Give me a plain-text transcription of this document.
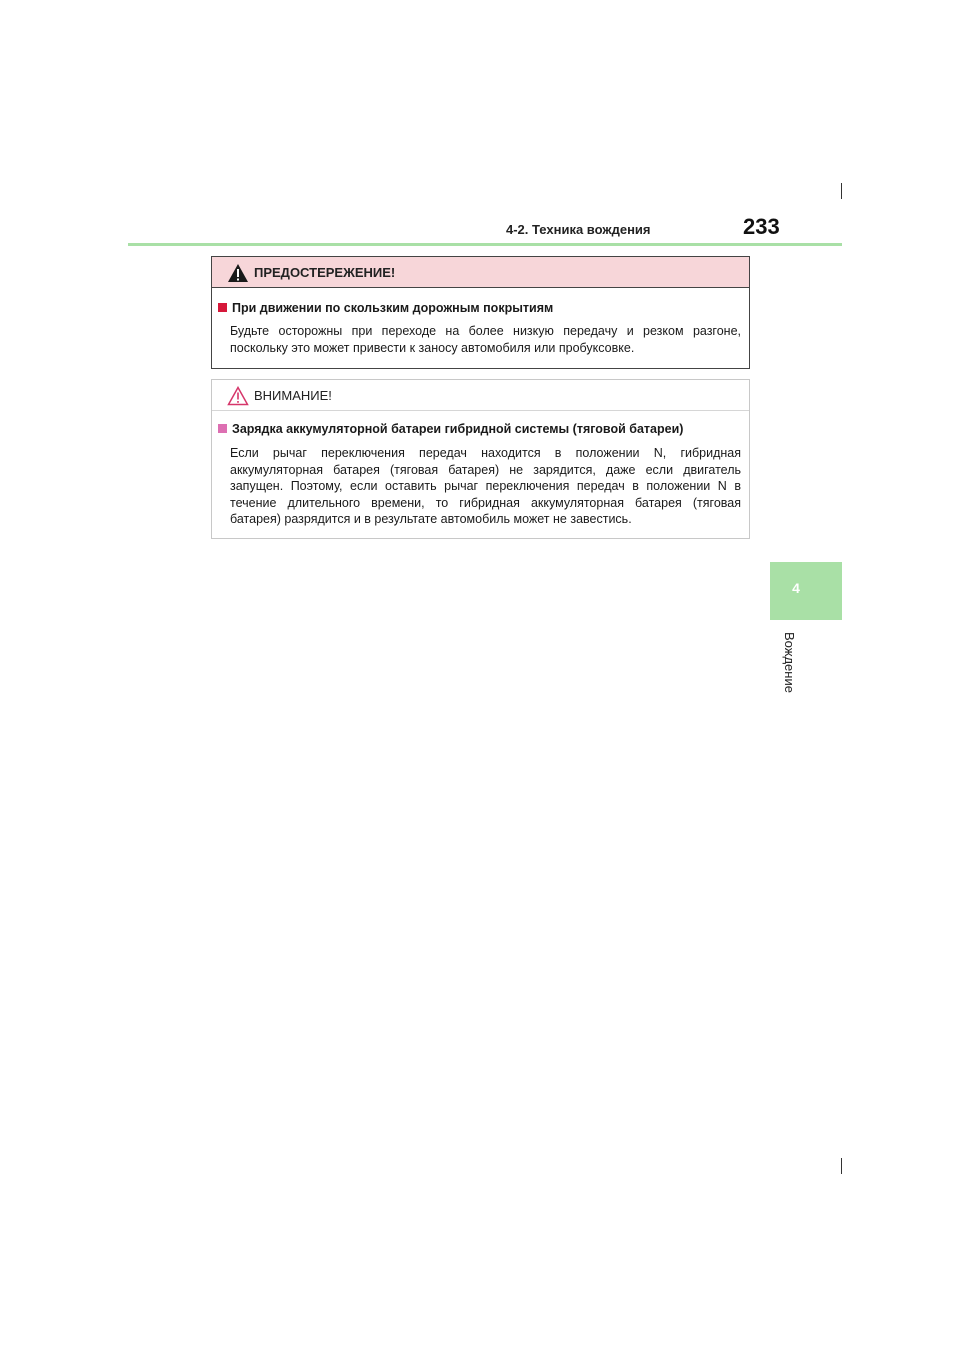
4-2. Техника вождения	233
4
Вождение
ПРЕДОСТЕРЕЖЕНИЕ!
При движении по скользким дорожным покрытиям
Будьте осторожны при переходе на более низкую передачу и резком разгоне, поскольку это может привести к заносу автомобиля или пробуксовке.
ВНИМАНИЕ!
Зарядка аккумуляторной батареи гибридной системы (тяговой батареи)
Если рычаг переключения передач находится в положении N, гибридная аккумуляторная батарея (тяговая батарея) не зарядится, даже если двигатель запущен. Поэтому, если оставить рычаг переключения передач в положении N в течение длительного времени, то гибридная аккумуляторная батарея (тяговая батарея) разрядится и в результате автомобиль может не завестись.
